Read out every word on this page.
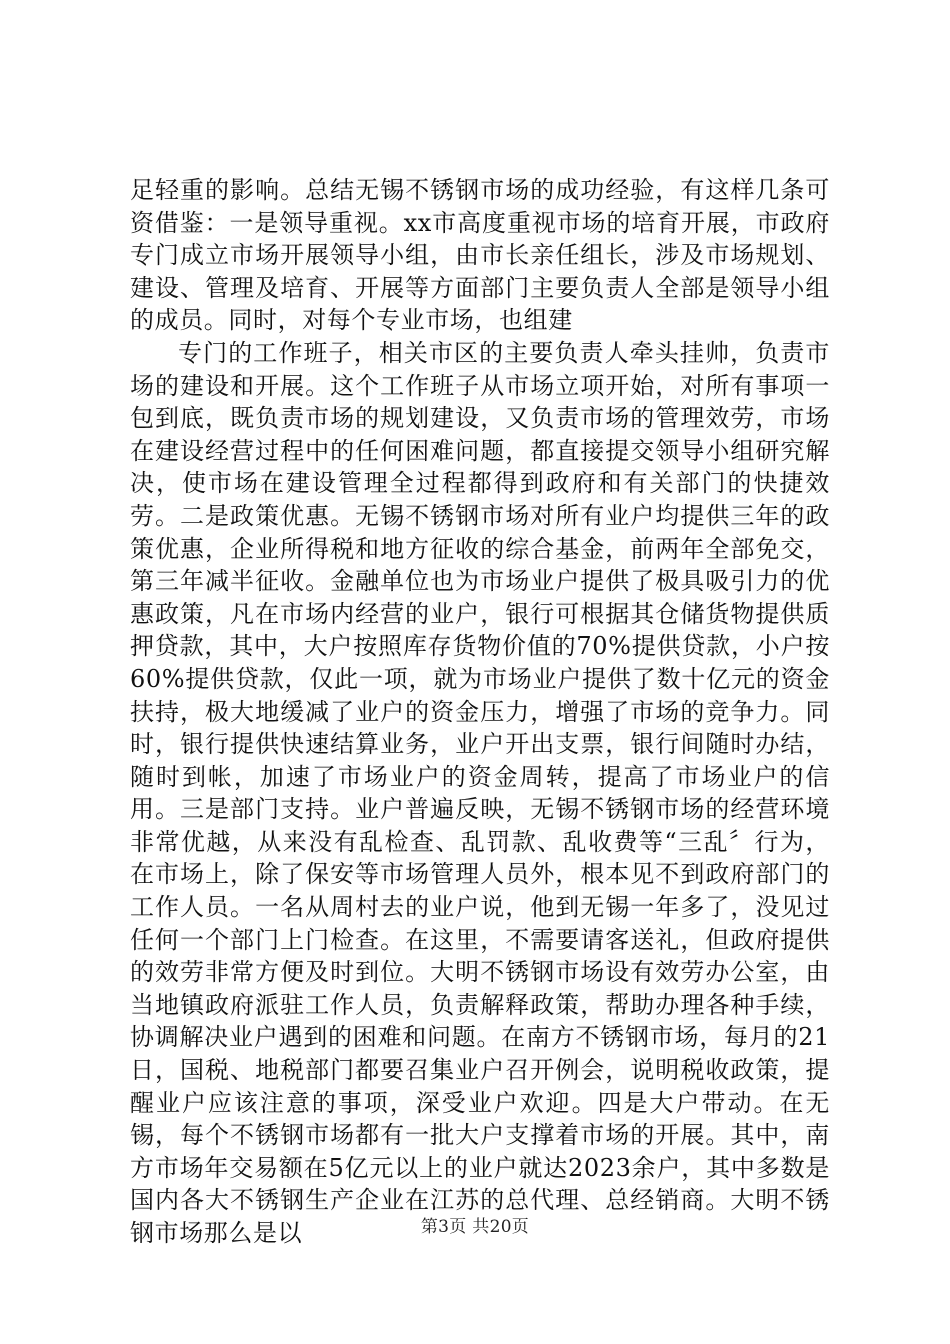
足轻重的影响。总结无锡不锈钢市场的成功经验，有这样几条可资借鉴：一是领导重视。xx市高度重视市场的培育开展，市政府专门成立市场开展领导小组，由市长亲任组长，涉及市场规划、建设、管理及培育、开展等方面部门主要负责人全部是领导小组的成员。同时，对每个专业市场，也组建

专门的工作班子，相关市区的主要负责人牵头挂帅，负责市场的建设和开展。这个工作班子从市场立项开始，对所有事项一包到底，既负责市场的规划建设，又负责市场的管理效劳，市场在建设经营过程中的任何困难问题，都直接提交领导小组研究解决，使市场在建设管理全过程都得到政府和有关部门的快捷效劳。二是政策优惠。无锡不锈钢市场对所有业户均提供三年的政策优惠，企业所得税和地方征收的综合基金，前两年全部免交，第三年减半征收。金融单位也为市场业户提供了极具吸引力的优惠政策，凡在市场内经营的业户，银行可根据其仓储货物提供质押贷款，其中，大户按照库存货物价值的70%提供贷款，小户按60%提供贷款，仅此一项，就为市场业户提供了数十亿元的资金扶持，极大地缓减了业户的资金压力，增强了市场的竞争力。同时，银行提供快速结算业务，业户开出支票，银行间随时办结，随时到帐，加速了市场业户的资金周转，提高了市场业户的信用。三是部门支持。业户普遍反映，无锡不锈钢市场的经营环境非常优越，从来没有乱检查、乱罚款、乱收费等“三乱〞行为，在市场上，除了保安等市场管理人员外，根本见不到政府部门的工作人员。一名从周村去的业户说，他到无锡一年多了，没见过任何一个部门上门检查。在这里，不需要请客送礼，但政府提供的效劳非常方便及时到位。大明不锈钢市场设有效劳办公室，由当地镇政府派驻工作人员，负责解释政策，帮助办理各种手续，协调解决业户遇到的困难和问题。在南方不锈钢市场，每月的21日，国税、地税部门都要召集业户召开例会，说明税收政策，提醒业户应该注意的事项，深受业户欢迎。四是大户带动。在无锡，每个不锈钢市场都有一批大户支撑着市场的开展。其中，南方市场年交易额在5亿元以上的业户就达2023余户，其中多数是国内各大不锈钢生产企业在江苏的总代理、总经销商。大明不锈钢市场那么是以	第3页 共20页
